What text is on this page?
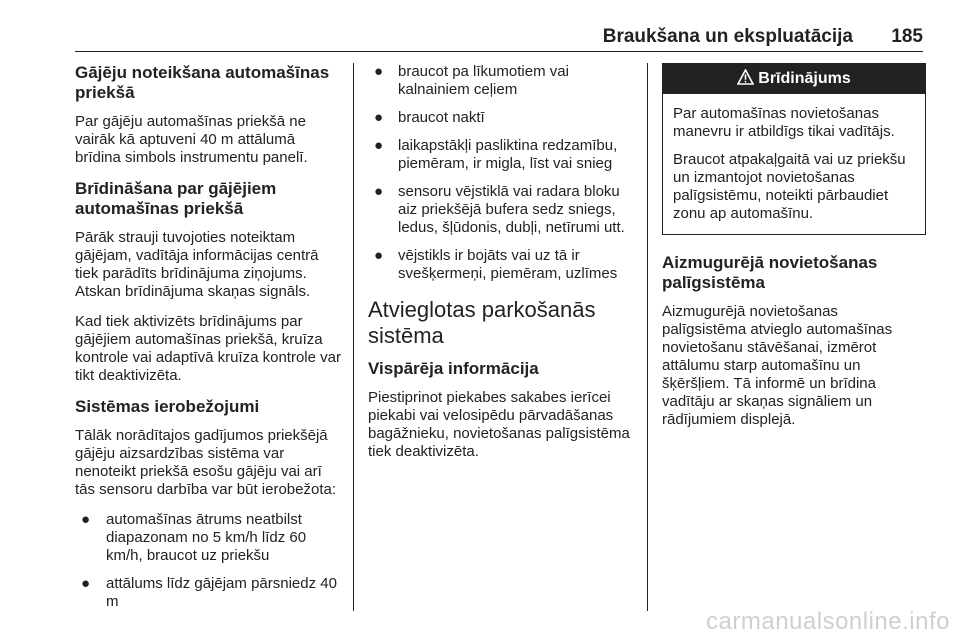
Braukšana un ekspluatācija 185
Gājēju noteikšana automašīnas priekšā

Par gājēju automašīnas priekšā ne vairāk kā aptuveni 40 m attālumā brīdina simbols instrumentu panelī.

Brīdināšana par gājējiem automašīnas priekšā

Pārāk strauji tuvojoties noteiktam gājējam, vadītāja informācijas centrā tiek parādīts brīdinājuma ziņojums. Atskan brīdinājuma skaņas signāls.

Kad tiek aktivizēts brīdinājums par gājējiem automašīnas priekšā, kruīza kontrole vai adaptīvā kruīza kontrole var tikt deaktivizēta.

Sistēmas ierobežojumi

Tālāk norādītajos gadījumos priekšējā gājēju aizsardzības sistēma var nenoteikt priekšā esošu gājēju vai arī tās sensoru darbība var būt ierobežota:

● automašīnas ātrums neatbilst diapazonam no 5 km/h līdz 60 km/h, braucot uz priekšu
● attālums līdz gājējam pārsniedz 40 m
● braucot pa līkumotiem vai kalnainiem ceļiem
● braucot naktī
● laikapstākļi pasliktina redzamību, piemēram, ir migla, līst vai snieg
● sensoru vējstiklā vai radara bloku aiz priekšējā bufera sedz sniegs, ledus, šļūdonis, dubļi, netīrumi utt.
● vējstikls ir bojāts vai uz tā ir svešķermeņi, piemēram, uzlīmes
Atvieglotas parkošanās sistēma
Vispārēja informācija

Piestiprinot piekabes sakabes ierīcei piekabi vai velosipēdu pārvadāšanas bagāžnieku, novietošanas palīgsistēma tiek deaktivizēta.

Brīdinājums

Par automašīnas novietošanas manevru ir atbildīgs tikai vadītājs.

Braucot atpakaļgaitā vai uz priekšu un izmantojot novietošanas palīgsistēmu, noteikti pārbaudiet zonu ap automašīnu.

Aizmugurējā novietošanas palīgsistēma

Aizmugurējā novietošanas palīgsistēma atvieglo automašīnas novietošanu stāvēšanai, izmērot attālumu starp automašīnu un šķēršļiem. Tā informē un brīdina vadītāju ar skaņas signāliem un rādījumiem displejā.

carmanualsonline.info
